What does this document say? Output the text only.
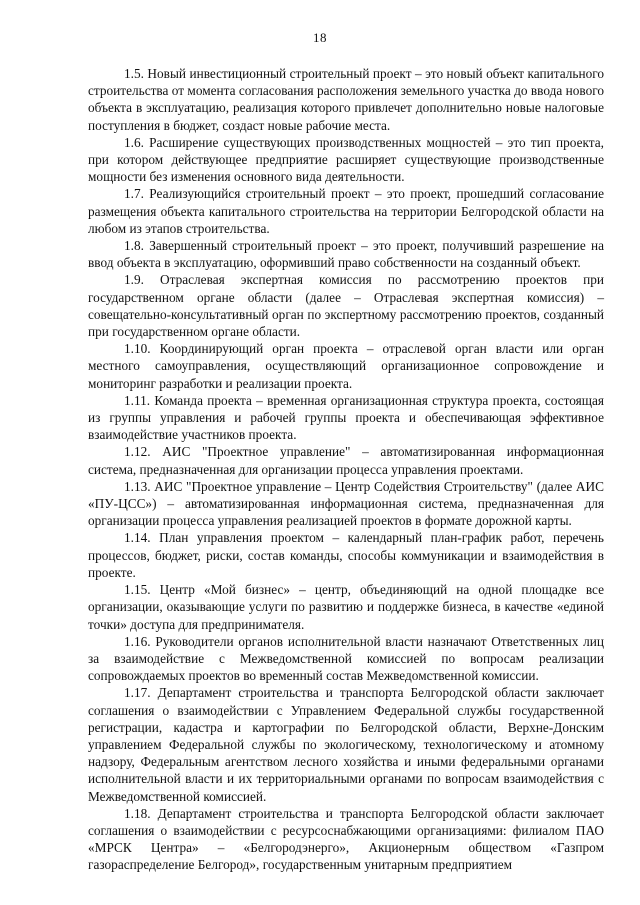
18

1.5. Новый инвестиционный строительный проект – это новый объект капитального строительства от момента согласования расположения земельного участка до ввода нового объекта в эксплуатацию, реализация которого привлечет дополнительно новые налоговые поступления в бюджет, создаст новые рабочие места.

1.6. Расширение существующих производственных мощностей – это тип проекта, при котором действующее предприятие расширяет существующие производственные мощности без изменения основного вида деятельности.

1.7. Реализующийся строительный проект – это проект, прошедший согласование размещения объекта капитального строительства на территории Белгородской области на любом из этапов строительства.

1.8. Завершенный строительный проект – это проект, получивший разрешение на ввод объекта в эксплуатацию, оформивший право собственности на созданный объект.

1.9. Отраслевая экспертная комиссия по рассмотрению проектов при государственном органе области (далее – Отраслевая экспертная комиссия) – совещательно-консультативный орган по экспертному рассмотрению проектов, созданный при государственном органе области.

1.10. Координирующий орган проекта – отраслевой орган власти или орган местного самоуправления, осуществляющий организационное сопровождение и мониторинг разработки и реализации проекта.

1.11. Команда проекта – временная организационная структура проекта, состоящая из группы управления и рабочей группы проекта и обеспечивающая эффективное взаимодействие участников проекта.

1.12. АИС "Проектное управление" – автоматизированная информационная система, предназначенная для организации процесса управления проектами.

1.13. АИС "Проектное управление – Центр Содействия Строительству" (далее АИС «ПУ-ЦСС») – автоматизированная информационная система, предназначенная для организации процесса управления реализацией проектов в формате дорожной карты.

1.14. План управления проектом – календарный план-график работ, перечень процессов, бюджет, риски, состав команды, способы коммуникации и взаимодействия в проекте.

1.15. Центр «Мой бизнес» – центр, объединяющий на одной площадке все организации, оказывающие услуги по развитию и поддержке бизнеса, в качестве «единой точки» доступа для предпринимателя.

1.16. Руководители органов исполнительной власти назначают Ответственных лиц за взаимодействие с Межведомственной комиссией по вопросам реализации сопровождаемых проектов во временный состав Межведомственной комиссии.

1.17. Департамент строительства и транспорта Белгородской области заключает соглашения о взаимодействии с Управлением Федеральной службы государственной регистрации, кадастра и картографии по Белгородской области, Верхне-Донским управлением Федеральной службы по экологическому, технологическому и атомному надзору, Федеральным агентством лесного хозяйства и иными федеральными органами исполнительной власти и их территориальными органами по вопросам взаимодействия с Межведомственной комиссией.

1.18. Департамент строительства и транспорта Белгородской области заключает соглашения о взаимодействии с ресурсоснабжающими организациями: филиалом ПАО «МРСК Центра» – «Белгородэнерго», Акционерным обществом «Газпром газораспределение Белгород», государственным унитарным предприятием
